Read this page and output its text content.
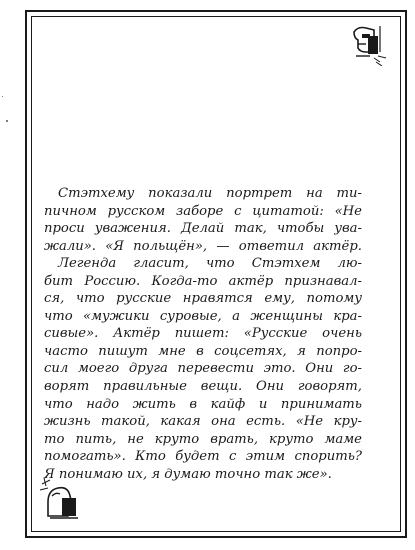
Стэтхему показали портрет на ти-
пичном русском заборе с цитатой: «Не
проси уважения. Делай так, чтобы ува-
жали». «Я польщён», — ответил актёр.
Легенда гласит, что Стэтхем лю-
бит Россию. Когда-то актёр признавал-
ся, что русские нравятся ему, потому
что «мужики суровые, а женщины кра-
сивые». Актёр пишет: «Русские очень
часто пишут мне в соцсетях, я попро-
сил моего друга перевести это. Они го-
ворят правильные вещи. Они говорят,
что надо жить в кайф и принимать
жизнь такой, какая она есть. «Не кру-
то пить, не круто врать, круто маме
помогать». Кто будет с этим спорить?
Я понимаю их, я думаю точно так же».
